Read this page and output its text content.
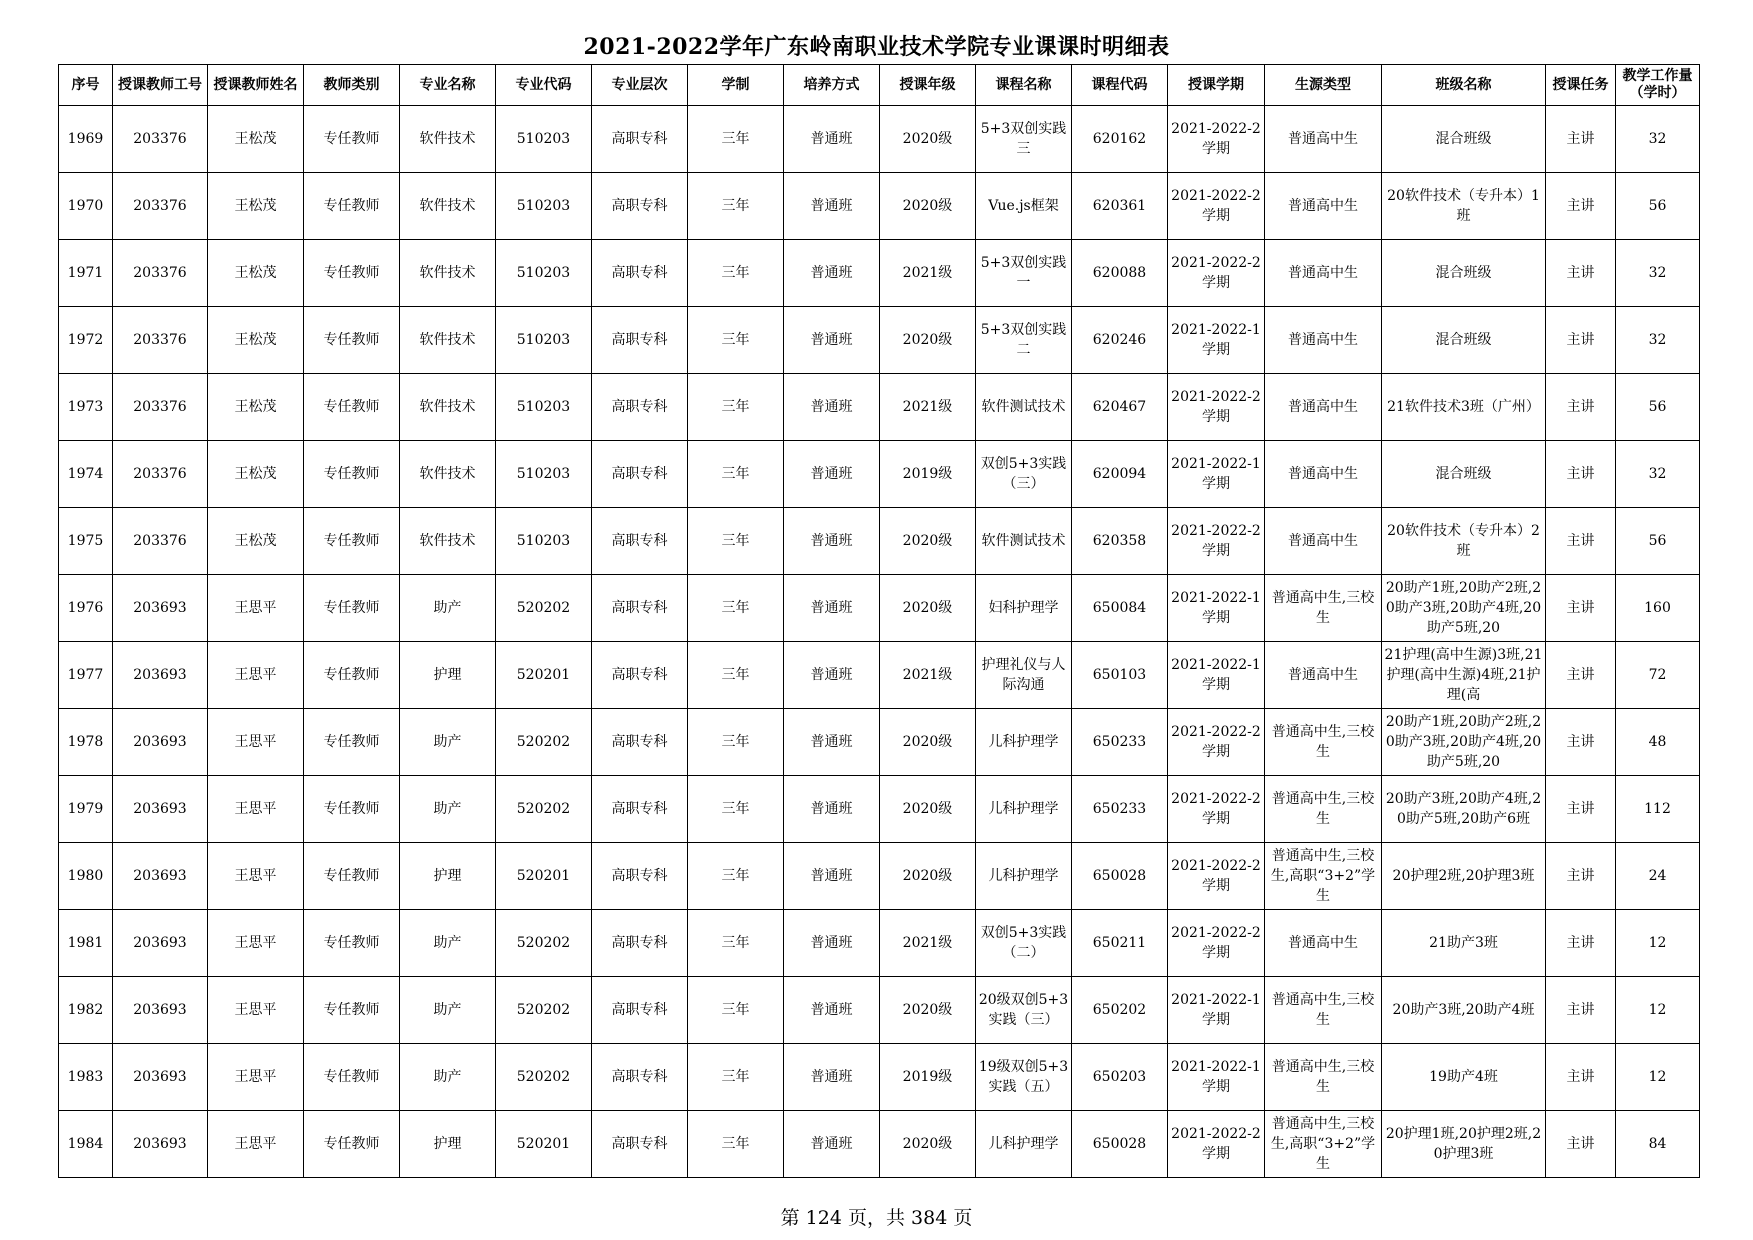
2021-2022学年广东岭南职业技术学院专业课课时明细表
序号	授课教师工号	授课教师姓名	教师类别	专业名称	专业代码	专业层次	学制	培养方式	授课年级	课程名称	课程代码	授课学期	生源类型	班级名称	授课任务	教学工作量（学时）

1969	203376	王松茂	专任教师	软件技术	510203	高职专科	三年	普通班	2020级	5+3双创实践三	620162	2021-2022-2学期	普通高中生	混合班级	主讲	32

1970	203376	王松茂	专任教师	软件技术	510203	高职专科	三年	普通班	2020级	Vue.js框架	620361	2021-2022-2学期	普通高中生	20软件技术（专升本）1班	主讲	56

1971	203376	王松茂	专任教师	软件技术	510203	高职专科	三年	普通班	2021级	5+3双创实践一	620088	2021-2022-2学期	普通高中生	混合班级	主讲	32

1972	203376	王松茂	专任教师	软件技术	510203	高职专科	三年	普通班	2020级	5+3双创实践二	620246	2021-2022-1学期	普通高中生	混合班级	主讲	32

1973	203376	王松茂	专任教师	软件技术	510203	高职专科	三年	普通班	2021级	软件测试技术	620467	2021-2022-2学期	普通高中生	21软件技术3班（广州）	主讲	56

1974	203376	王松茂	专任教师	软件技术	510203	高职专科	三年	普通班	2019级	双创5+3实践（三）	620094	2021-2022-1学期	普通高中生	混合班级	主讲	32

1975	203376	王松茂	专任教师	软件技术	510203	高职专科	三年	普通班	2020级	软件测试技术	620358	2021-2022-2学期	普通高中生	20软件技术（专升本）2班	主讲	56

1976	203693	王思平	专任教师	助产	520202	高职专科	三年	普通班	2020级	妇科护理学	650084	2021-2022-1学期	普通高中生,三校生	20助产1班,20助产2班,20助产3班,20助产4班,20助产5班,20	主讲	160

1977	203693	王思平	专任教师	护理	520201	高职专科	三年	普通班	2021级	护理礼仪与人际沟通	650103	2021-2022-1学期	普通高中生	21护理(高中生源)3班,21护理(高中生源)4班,21护理(高	主讲	72

1978	203693	王思平	专任教师	助产	520202	高职专科	三年	普通班	2020级	儿科护理学	650233	2021-2022-2学期	普通高中生,三校生	20助产1班,20助产2班,20助产3班,20助产4班,20助产5班,20	主讲	48

1979	203693	王思平	专任教师	助产	520202	高职专科	三年	普通班	2020级	儿科护理学	650233	2021-2022-2学期	普通高中生,三校生	20助产3班,20助产4班,20助产5班,20助产6班	主讲	112

1980	203693	王思平	专任教师	护理	520201	高职专科	三年	普通班	2020级	儿科护理学	650028	2021-2022-2学期	普通高中生,三校生,高职“3+2”学生	20护理2班,20护理3班	主讲	24

1981	203693	王思平	专任教师	助产	520202	高职专科	三年	普通班	2021级	双创5+3实践（二）	650211	2021-2022-2学期	普通高中生	21助产3班	主讲	12

1982	203693	王思平	专任教师	助产	520202	高职专科	三年	普通班	2020级	20级双创5+3实践（三）	650202	2021-2022-1学期	普通高中生,三校生	20助产3班,20助产4班	主讲	12

1983	203693	王思平	专任教师	助产	520202	高职专科	三年	普通班	2019级	19级双创5+3实践（五）	650203	2021-2022-1学期	普通高中生,三校生	19助产4班	主讲	12

1984	203693	王思平	专任教师	护理	520201	高职专科	三年	普通班	2020级	儿科护理学	650028	2021-2022-2学期	普通高中生,三校生,高职“3+2”学生	20护理1班,20护理2班,20护理3班	主讲	84
第 124 页，共 384 页
